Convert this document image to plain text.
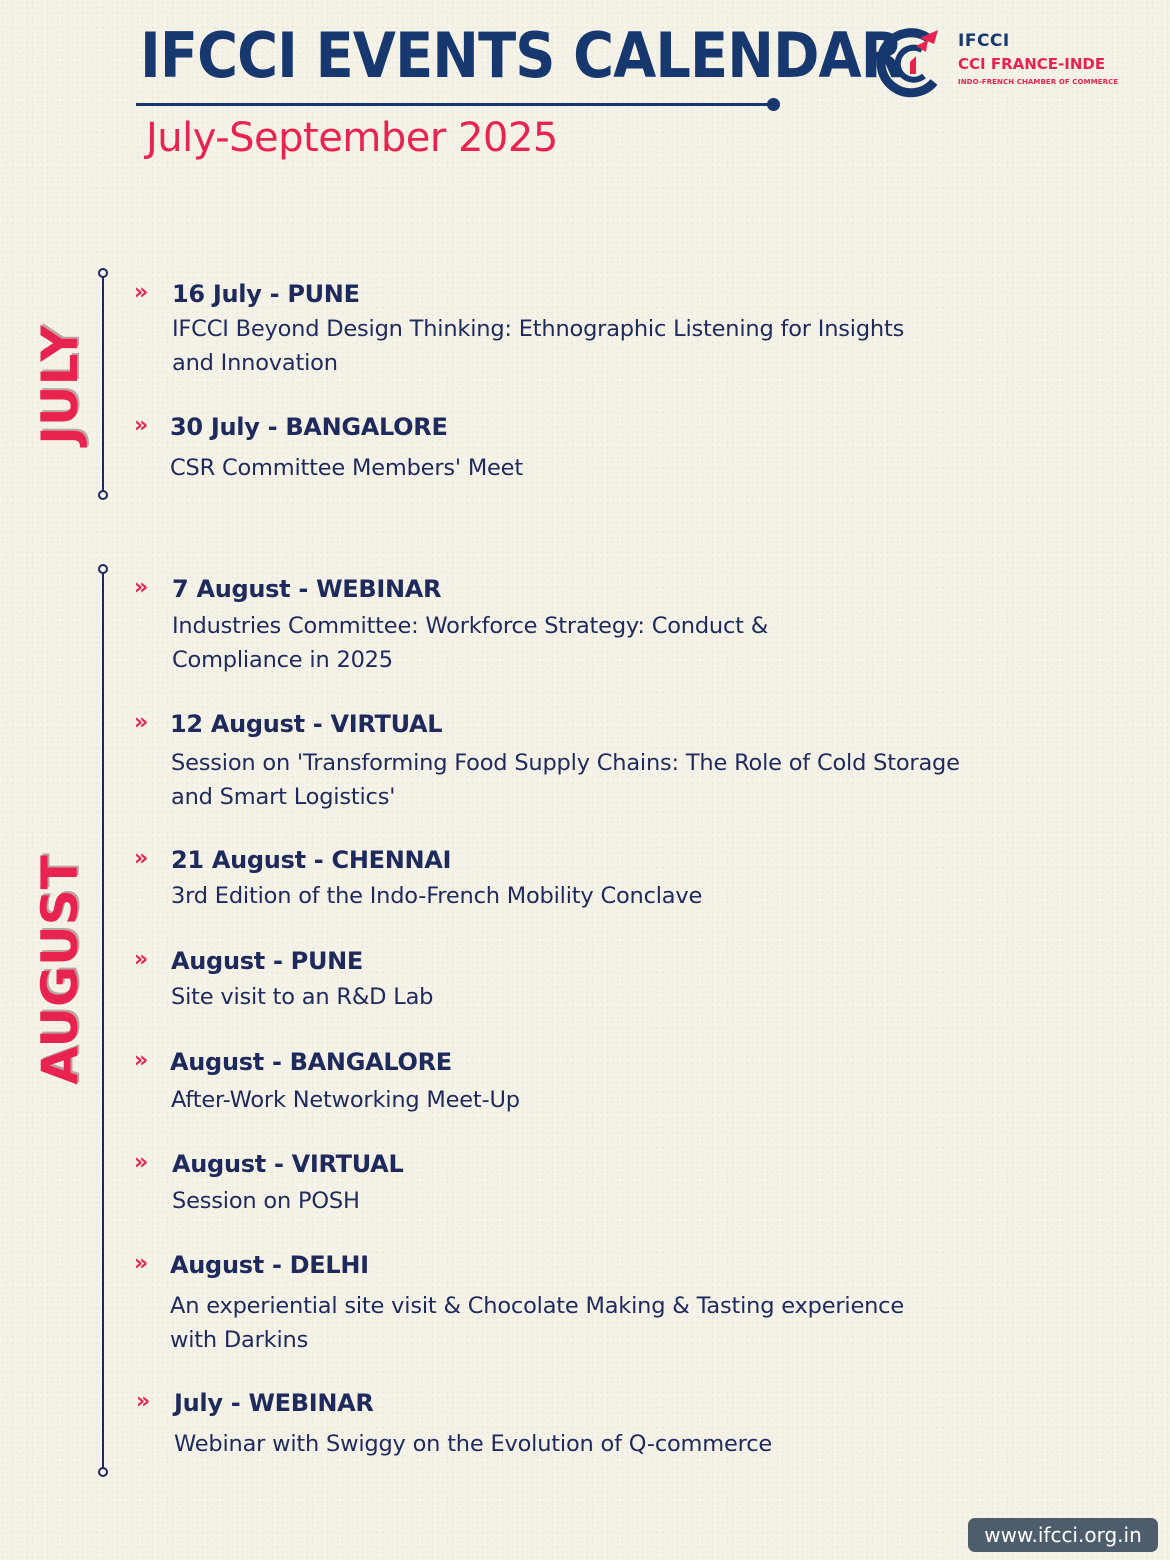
IFCCI EVENTS CALENDAR
July-September 2025
IFCCI
CCI FRANCE-INDE
INDO-FRENCH CHAMBER OF COMMERCE
JULY
» 16 July - PUNE
IFCCI Beyond Design Thinking: Ethnographic Listening for Insights
and Innovation
» 30 July - BANGALORE
CSR Committee Members' Meet
AUGUST
» 7 August - WEBINAR
Industries Committee: Workforce Strategy: Conduct &
Compliance in 2025
» 12 August - VIRTUAL
Session on 'Transforming Food Supply Chains: The Role of Cold Storage
and Smart Logistics'
» 21 August - CHENNAI
3rd Edition of the Indo-French Mobility Conclave
» August - PUNE
Site visit to an R&D Lab
» August - BANGALORE
After-Work Networking Meet-Up
» August - VIRTUAL
Session on POSH
» August - DELHI
An experiential site visit & Chocolate Making & Tasting experience
with Darkins
» July - WEBINAR
Webinar with Swiggy on the Evolution of Q-commerce
www.ifcci.org.in
